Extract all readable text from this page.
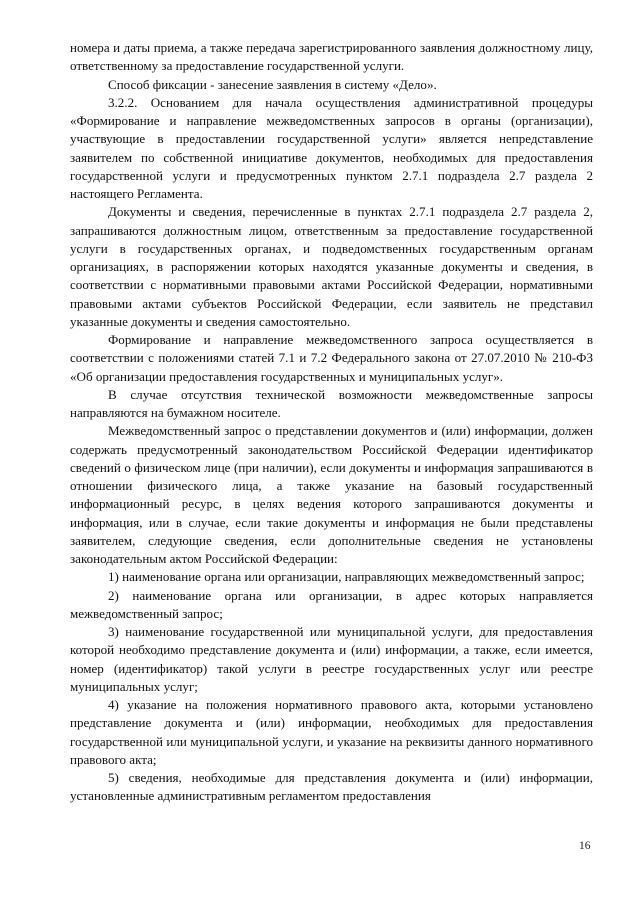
номера и даты приема, а также передача зарегистрированного заявления должностному лицу, ответственному за предоставление государственной услуги.

Способ фиксации - занесение заявления в систему «Дело».

3.2.2. Основанием для начала осуществления административной процедуры «Формирование и направление межведомственных запросов в органы (организации), участвующие в предоставлении государственной услуги» является непредставление заявителем по собственной инициативе документов, необходимых для предоставления государственной услуги и предусмотренных пунктом 2.7.1 подраздела 2.7 раздела 2 настоящего Регламента.

Документы и сведения, перечисленные в пунктах 2.7.1 подраздела 2.7 раздела 2, запрашиваются должностным лицом, ответственным за предоставление государственной услуги в государственных органах, и подведомственных государственным органам организациях, в распоряжении которых находятся указанные документы и сведения, в соответствии с нормативными правовыми актами Российской Федерации, нормативными правовыми актами субъектов Российской Федерации, если заявитель не представил указанные документы и сведения самостоятельно.

Формирование и направление межведомственного запроса осуществляется в соответствии с положениями статей 7.1 и 7.2 Федерального закона от 27.07.2010 № 210-ФЗ «Об организации предоставления государственных и муниципальных услуг».

В случае отсутствия технической возможности межведомственные запросы направляются на бумажном носителе.

Межведомственный запрос о представлении документов и (или) информации, должен содержать предусмотренный законодательством Российской Федерации идентификатор сведений о физическом лице (при наличии), если документы и информация запрашиваются в отношении физического лица, а также указание на базовый государственный информационный ресурс, в целях ведения которого запрашиваются документы и информация, или в случае, если такие документы и информация не были представлены заявителем, следующие сведения, если дополнительные сведения не установлены законодательным актом Российской Федерации:

1) наименование органа или организации, направляющих межведомственный запрос;

2) наименование органа или организации, в адрес которых направляется межведомственный запрос;

3) наименование государственной или муниципальной услуги, для предоставления которой необходимо представление документа и (или) информации, а также, если имеется, номер (идентификатор) такой услуги в реестре государственных услуг или реестре муниципальных услуг;

4) указание на положения нормативного правового акта, которыми установлено представление документа и (или) информации, необходимых для предоставления государственной или муниципальной услуги, и указание на реквизиты данного нормативного правового акта;

5) сведения, необходимые для представления документа и (или) информации, установленные административным регламентом предоставления

16
